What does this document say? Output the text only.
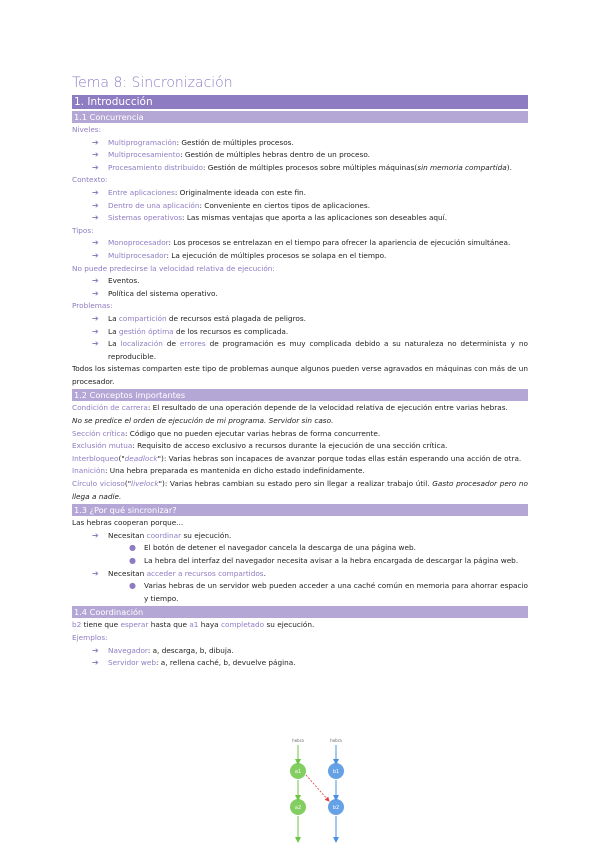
Tema 8: Sincronización
1. Introducción
1.1 Concurrencia
Niveles:
➔ Multiprogramación: Gestión de múltiples procesos.
➔ Multiprocesamiento: Gestión de múltiples hebras dentro de un proceso.
➔ Procesamiento distribuido: Gestión de múltiples procesos sobre múltiples máquinas(sin memoria compartida).
Contexto:
➔ Entre aplicaciones: Originalmente ideada con este fin.
➔ Dentro de una aplicación: Conveniente en ciertos tipos de aplicaciones.
➔ Sistemas operativos: Las mismas ventajas que aporta a las aplicaciones son deseables aquí.
Tipos:
➔ Monoprocesador: Los procesos se entrelazan en el tiempo para ofrecer la apariencia de ejecución simultánea.
➔ Multiprocesador: La ejecución de múltiples procesos se solapa en el tiempo.
No puede predecirse la velocidad relativa de ejecución:
➔ Eventos.
➔ Política del sistema operativo.
Problemas:
➔ La compartición de recursos está plagada de peligros.
➔ La gestión óptima de los recursos es complicada.
➔ La localización de errores de programación es muy complicada debido a su naturaleza no determinista y no reproducible.
Todos los sistemas comparten este tipo de problemas aunque algunos pueden verse agravados en máquinas con más de un procesador.
1.2 Conceptos importantes
Condición de carrera: El resultado de una operación depende de la velocidad relativa de ejecución entre varias hebras.
No se predice el orden de ejecución de mi programa. Servidor sin caso.
Sección crítica: Código que no pueden ejecutar varias hebras de forma concurrente.
Exclusión mutua: Requisito de acceso exclusivo a recursos durante la ejecución de una sección crítica.
Interbloqueo("deadlock"): Varias hebras son incapaces de avanzar porque todas ellas están esperando una acción de otra.
Inanición: Una hebra preparada es mantenida en dicho estado indefinidamente.
Círculo vicioso("livelock"): Varias hebras cambian su estado pero sin llegar a realizar trabajo útil. Gasto procesador pero no llega a nadie.
1.3 ¿Por qué sincronizar?
Las hebras cooperan porque...
➔ Necesitan coordinar su ejecución.
● El botón de detener el navegador cancela la descarga de una página web.
● La hebra del interfaz del navegador necesita avisar a la hebra encargada de descargar la página web.
➔ Necesitan acceder a recursos compartidos.
● Varias hebras de un servidor web pueden acceder a una caché común en memoria para ahorrar espacio y tiempo.
1.4 Coordinación
b2 tiene que esperar hasta que a1 haya completado su ejecución.
Ejemplos:
➔ Navegador: a, descarga, b, dibuja.
➔ Servidor web: a, rellena caché, b, devuelve página.
hebra	hebra
a1
a2
b1
b2
